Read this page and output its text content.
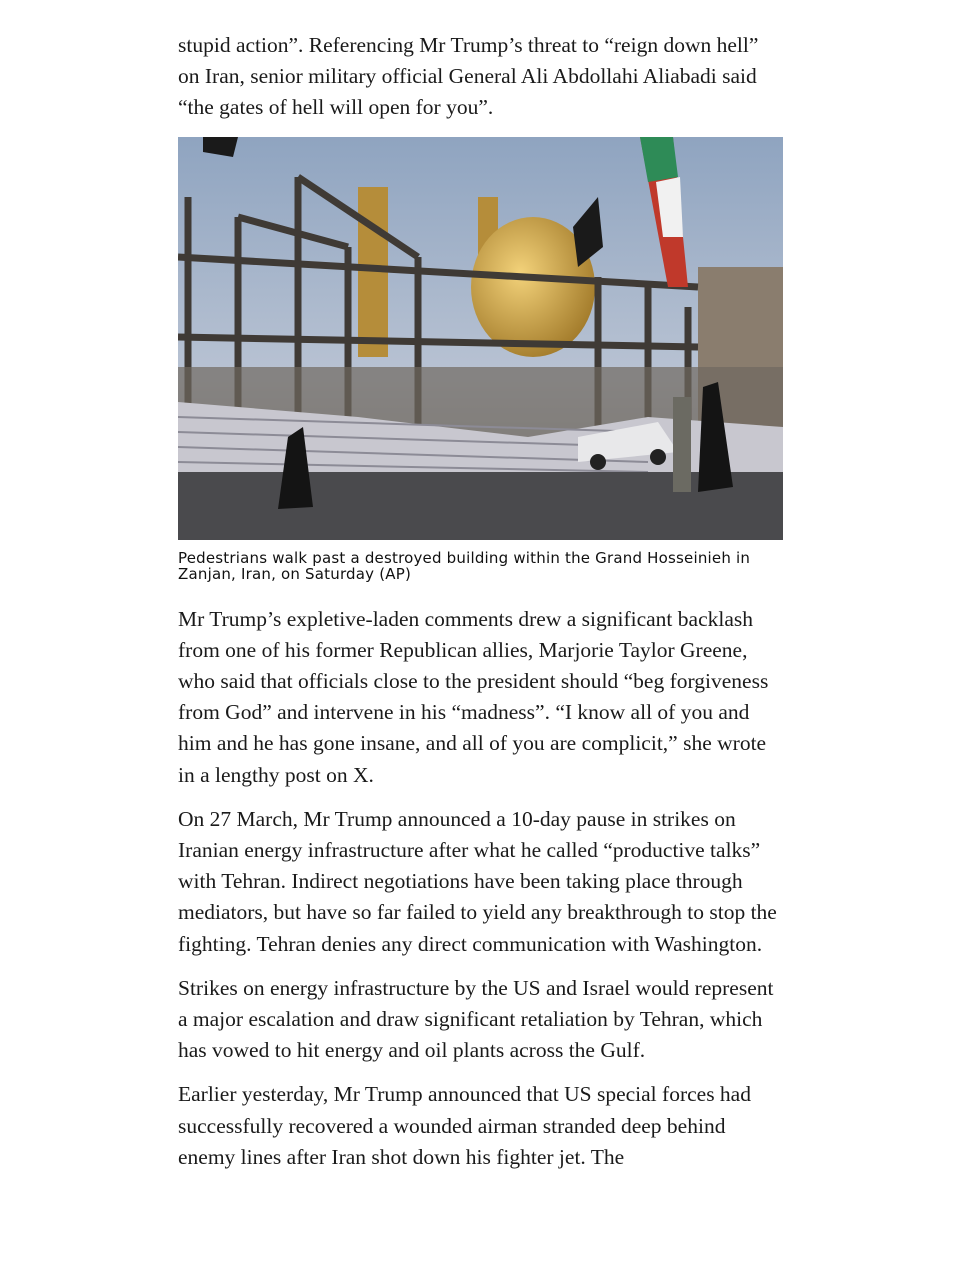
stupid action”. Referencing Mr Trump’s threat to “reign down hell” on Iran, senior military official General Ali Abdollahi Aliabadi said “the gates of hell will open for you”.

Pedestrians walk past a destroyed building within the Grand Hosseinieh in Zanjan, Iran, on Saturday (AP)

Mr Trump’s expletive-laden comments drew a significant backlash from one of his former Republican allies, Marjorie Taylor Greene, who said that officials close to the president should “beg forgiveness from God” and intervene in his “madness”. “I know all of you and him and he has gone insane, and all of you are complicit,” she wrote in a lengthy post on X.

On 27 March, Mr Trump announced a 10-day pause in strikes on Iranian energy infrastructure after what he called “productive talks” with Tehran. Indirect negotiations have been taking place through mediators, but have so far failed to yield any breakthrough to stop the fighting. Tehran denies any direct communication with Washington.

Strikes on energy infrastructure by the US and Israel would represent a major escalation and draw significant retaliation by Tehran, which has vowed to hit energy and oil plants across the Gulf.

Earlier yesterday, Mr Trump announced that US special forces had successfully recovered a wounded airman stranded deep behind enemy lines after Iran shot down his fighter jet. The
